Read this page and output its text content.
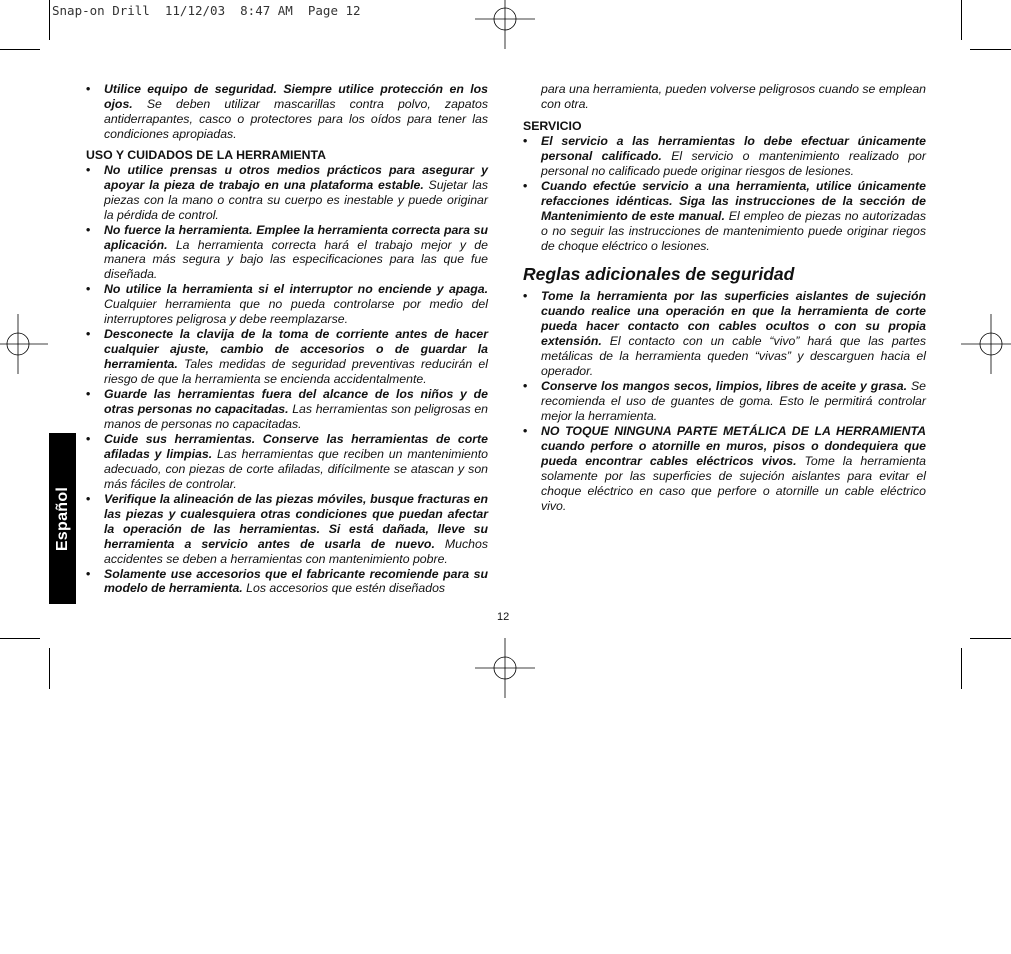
Snap-on Drill  11/12/03  8:47 AM  Page 12
Español
• Utilice equipo de seguridad. Siempre utilice protección en los ojos. Se deben utilizar mascarillas contra polvo, zapatos antiderrapantes, casco o protectores para los oídos para tener las condiciones apropiadas.
USO Y CUIDADOS DE LA HERRAMIENTA
• No utilice prensas u otros medios prácticos para asegurar y apoyar la pieza de trabajo en una plataforma estable. Sujetar las piezas con la mano o contra su cuerpo es inestable y puede originar la pérdida de control.
• No fuerce la herramienta. Emplee la herramienta correcta para su aplicación. La herramienta correcta hará el trabajo mejor y de manera más segura y bajo las especificaciones para las que fue diseñada.
• No utilice la herramienta si el interruptor no enciende y apaga. Cualquier herramienta que no pueda controlarse por medio del interruptores peligrosa y debe reemplazarse.
• Desconecte la clavija de la toma de corriente antes de hacer cualquier ajuste, cambio de accesorios o de guardar la herramienta. Tales medidas de seguridad preventivas reducirán el riesgo de que la herramienta se encienda accidentalmente.
• Guarde las herramientas fuera del alcance de los niños y de otras personas no capacitadas. Las herramientas son peligrosas en manos de personas no capacitadas.
• Cuide sus herramientas. Conserve las herramientas de corte afiladas y limpias. Las herramientas que reciben un mantenimiento adecuado, con piezas de corte afiladas, difícilmente se atascan y son más fáciles de controlar.
• Verifique la alineación de las piezas móviles, busque fracturas en las piezas y cualesquiera otras condiciones que puedan afectar la operación de las herramientas. Si está dañada, lleve su herramienta a servicio antes de usarla de nuevo. Muchos accidentes se deben a herramientas con mantenimiento pobre.
• Solamente use accesorios que el fabricante recomiende para su modelo de herramienta. Los accesorios que estén diseñados
para una herramienta, pueden volverse peligrosos cuando se emplean con otra.
SERVICIO
• El servicio a las herramientas lo debe efectuar únicamente personal calificado. El servicio o mantenimiento realizado por personal no calificado puede originar riesgos de lesiones.
• Cuando efectúe servicio a una herramienta, utilice únicamente refacciones idénticas. Siga las instrucciones de la sección de Mantenimiento de este manual. El empleo de piezas no autorizadas o no seguir las instrucciones de mantenimiento puede originar riegos de choque eléctrico o lesiones.
Reglas adicionales de seguridad
• Tome la herramienta por las superficies aislantes de sujeción cuando realice una operación en que la herramienta de corte pueda hacer contacto con cables ocultos o con su propia extensión. El contacto con un cable “vivo” hará que las partes metálicas de la herramienta queden “vivas” y descarguen hacia el operador.
• Conserve los mangos secos, limpios, libres de aceite y grasa. Se recomienda el uso de guantes de goma. Esto le permitirá controlar mejor la herramienta.
• NO TOQUE NINGUNA PARTE METÁLICA DE LA HERRAMIENTA cuando perfore o atornille en muros, pisos o dondequiera que pueda encontrar cables eléctricos vivos. Tome la herramienta solamente por las superficies de sujeción aislantes para evitar el choque eléctrico en caso que perfore o atornille un cable eléctrico vivo.
12
